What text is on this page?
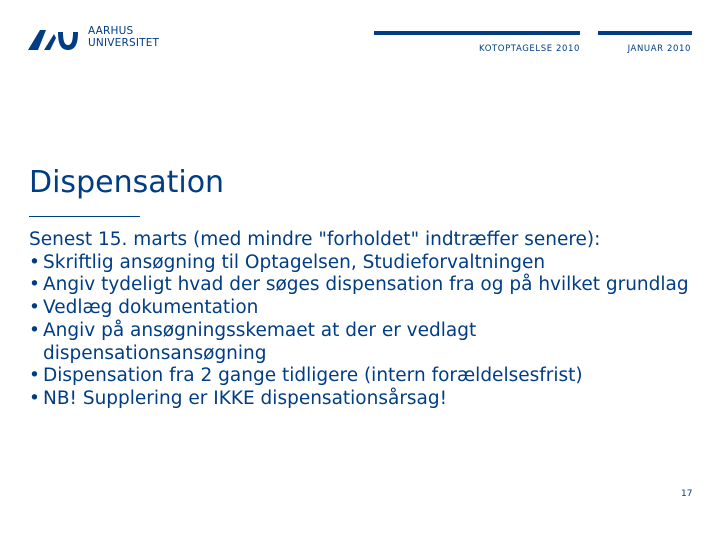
AARHUS
UNIVERSITET	KOTOPTAGELSE 2010	JANUAR 2010
Dispensation

Senest 15. marts (med mindre "forholdet" indtræffer senere):

• Skriftlig ansøgning til Optagelsen, Studieforvaltningen
• Angiv tydeligt hvad der søges dispensation fra og på hvilket grundlag
• Vedlæg dokumentation
• Angiv på ansøgningsskemaet at der er vedlagt dispensationsansøgning
• Dispensation fra 2 gange tidligere (intern forældelsesfrist)
• NB! Supplering er IKKE dispensationsårsag!
17
